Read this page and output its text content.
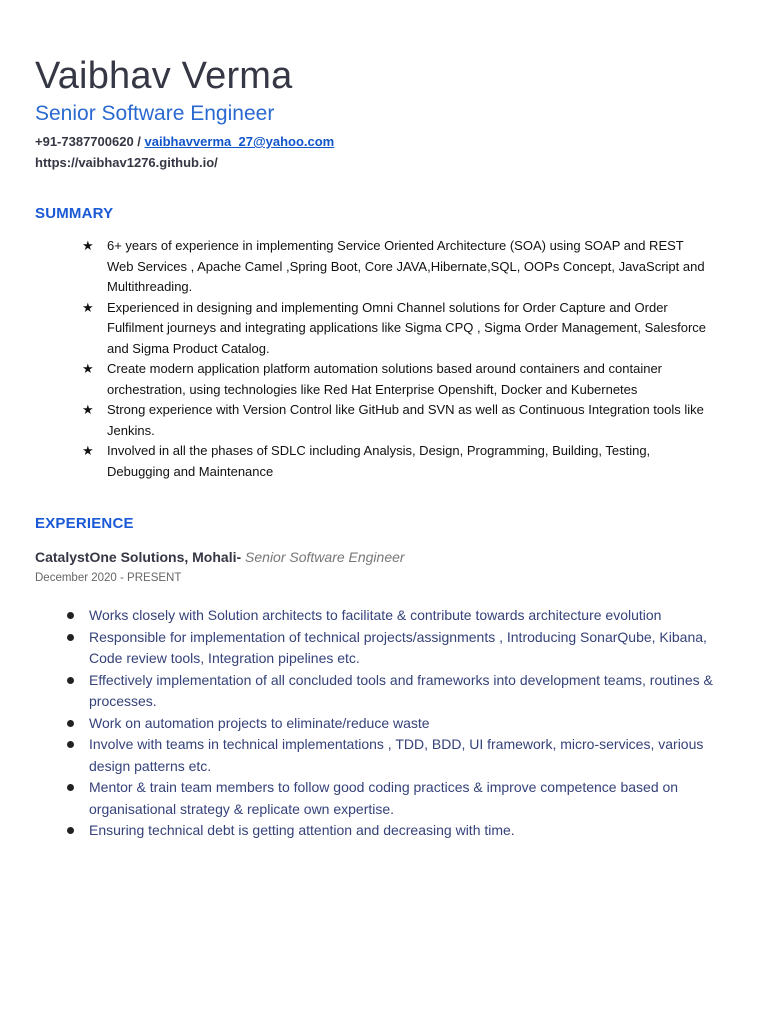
Vaibhav Verma
Senior Software Engineer

+91-7387700620 / vaibhavverma_27@yahoo.com

https://vaibhav1276.github.io/

SUMMARY
★ 6+ years of experience in implementing Service Oriented Architecture (SOA) using SOAP and REST Web Services , Apache Camel ,Spring Boot, Core JAVA,Hibernate,SQL, OOPs Concept, JavaScript and Multithreading.
★ Experienced in designing and implementing Omni Channel solutions for Order Capture and Order Fulfilment journeys and integrating applications like Sigma CPQ , Sigma Order Management, Salesforce and Sigma Product Catalog.
★ Create modern application platform automation solutions based around containers and container orchestration, using technologies like Red Hat Enterprise Openshift, Docker and Kubernetes
★ Strong experience with Version Control like GitHub and SVN as well as Continuous Integration tools like Jenkins.
★ Involved in all the phases of SDLC including Analysis, Design, Programming, Building, Testing, Debugging and Maintenance
EXPERIENCE

CatalystOne Solutions, Mohali- Senior Software Engineer

December 2020 - PRESENT

Works closely with Solution architects to facilitate & contribute towards architecture evolution
Responsible for implementation of technical projects/assignments , Introducing SonarQube, Kibana, Code review tools, Integration pipelines etc.
Effectively implementation of all concluded tools and frameworks into development teams, routines & processes.
Work on automation projects to eliminate/reduce waste
Involve with teams in technical implementations , TDD, BDD, UI framework, micro-services, various design patterns etc.
Mentor & train team members to follow good coding practices & improve competence based on organisational strategy & replicate own expertise.
Ensuring technical debt is getting attention and decreasing with time.
